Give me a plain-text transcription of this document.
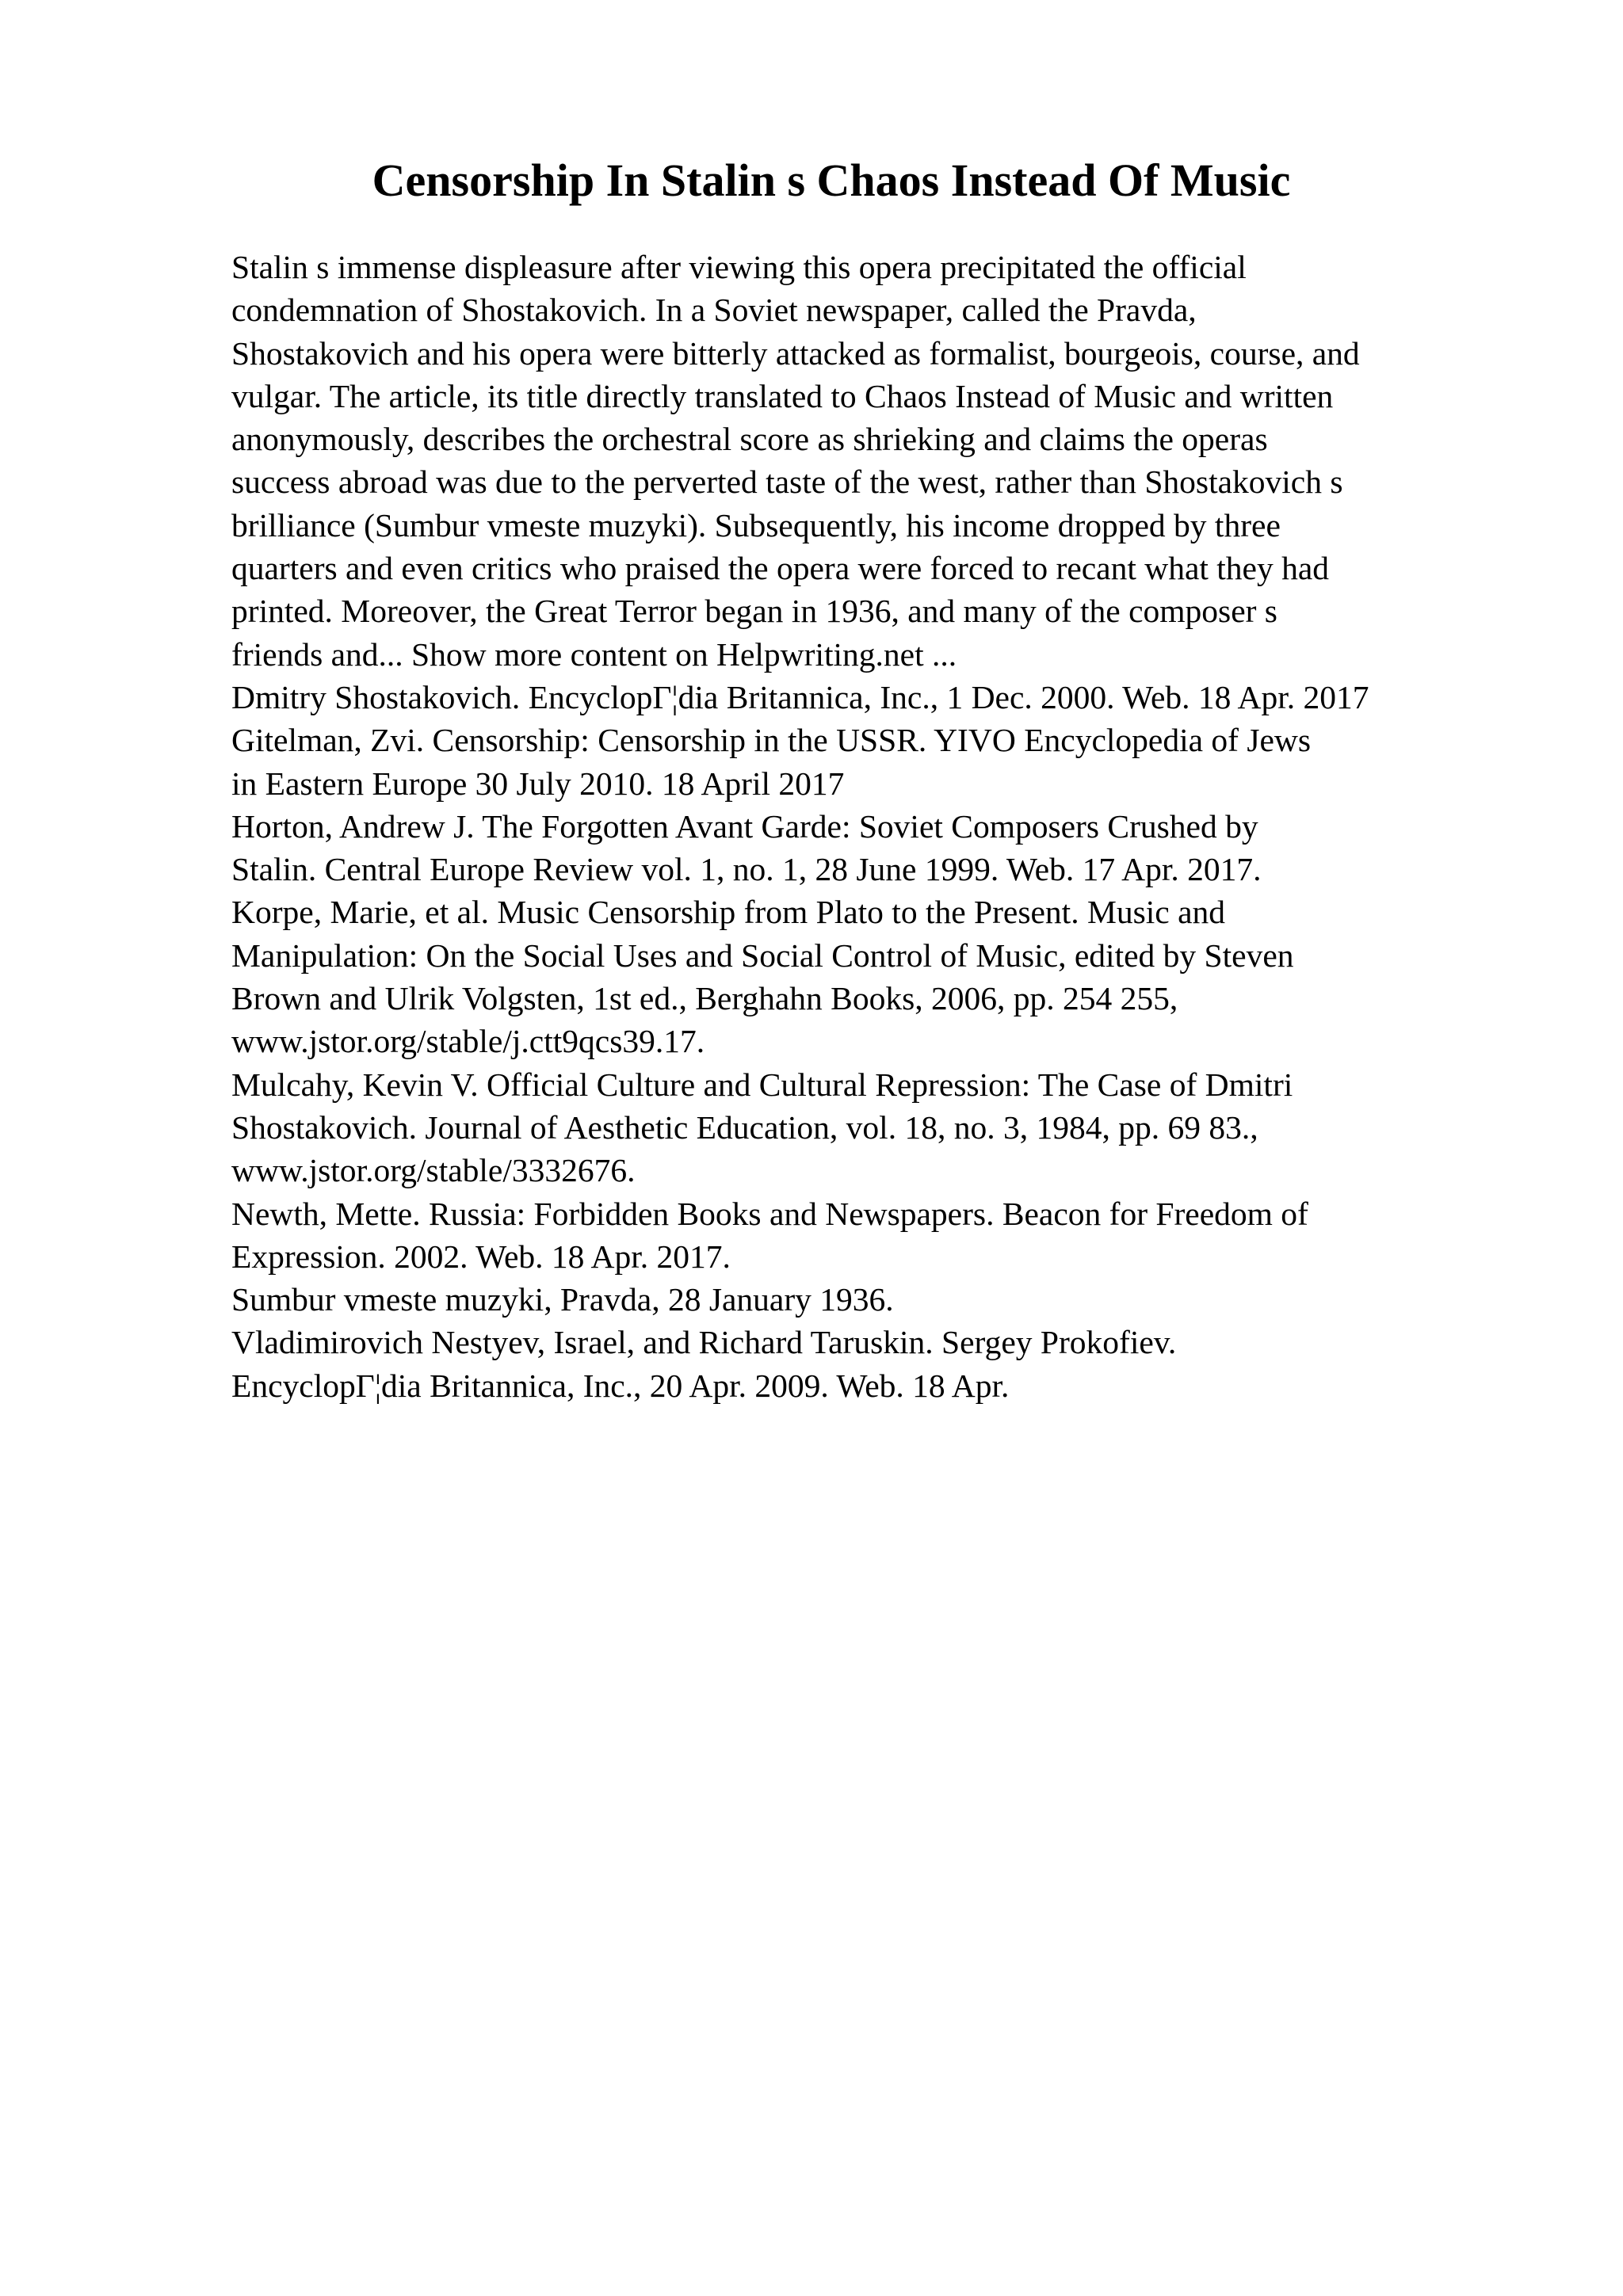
Censorship In Stalin s Chaos Instead Of Music
Stalin s immense displeasure after viewing this opera precipitated the official
condemnation of Shostakovich. In a Soviet newspaper, called the Pravda,
Shostakovich and his opera were bitterly attacked as formalist, bourgeois, course, and
vulgar. The article, its title directly translated to Chaos Instead of Music and written
anonymously, describes the orchestral score as shrieking and claims the operas
success abroad was due to the perverted taste of the west, rather than Shostakovich s
brilliance (Sumbur vmeste muzyki). Subsequently, his income dropped by three
quarters and even critics who praised the opera were forced to recant what they had
printed. Moreover, the Great Terror began in 1936, and many of the composer s
friends and... Show more content on Helpwriting.net ...
Dmitry Shostakovich. EncyclopГ¦dia Britannica, Inc., 1 Dec. 2000. Web. 18 Apr. 2017
Gitelman, Zvi. Censorship: Censorship in the USSR. YIVO Encyclopedia of Jews
in Eastern Europe 30 July 2010. 18 April 2017
Horton, Andrew J. The Forgotten Avant Garde: Soviet Composers Crushed by
Stalin. Central Europe Review vol. 1, no. 1, 28 June 1999. Web. 17 Apr. 2017.
Korpe, Marie, et al. Music Censorship from Plato to the Present. Music and
Manipulation: On the Social Uses and Social Control of Music, edited by Steven
Brown and Ulrik Volgsten, 1st ed., Berghahn Books, 2006, pp. 254 255,
www.jstor.org/stable/j.ctt9qcs39.17.
Mulcahy, Kevin V. Official Culture and Cultural Repression: The Case of Dmitri
Shostakovich. Journal of Aesthetic Education, vol. 18, no. 3, 1984, pp. 69 83.,
www.jstor.org/stable/3332676.
Newth, Mette. Russia: Forbidden Books and Newspapers. Beacon for Freedom of
Expression. 2002. Web. 18 Apr. 2017.
Sumbur vmeste muzyki, Pravda, 28 January 1936.
Vladimirovich Nestyev, Israel, and Richard Taruskin. Sergey Prokofiev.
EncyclopГ¦dia Britannica, Inc., 20 Apr. 2009. Web. 18 Apr.
